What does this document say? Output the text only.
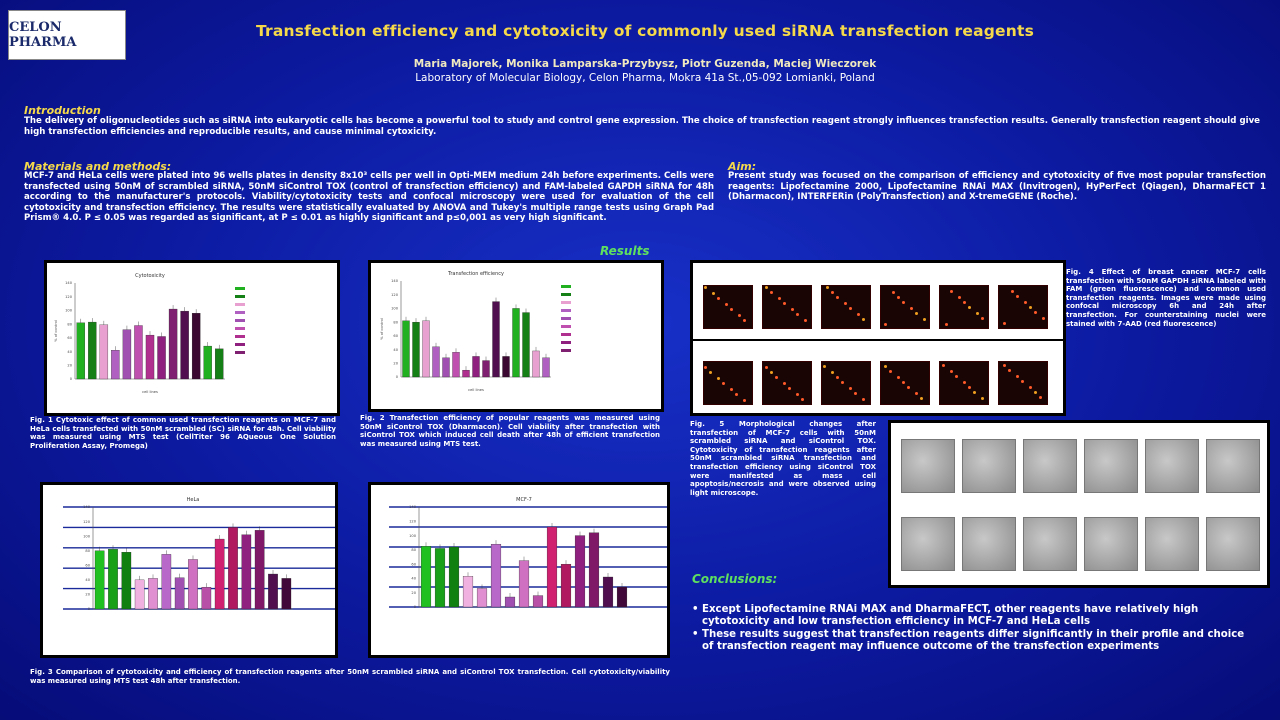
CELON PHARMA
Transfection efficiency and cytotoxicity of commonly used siRNA transfection reagents
Maria Majorek, Monika Lamparska-Przybysz, Piotr Guzenda, Maciej Wieczorek
Laboratory of Molecular Biology, Celon Pharma, Mokra 41a St.,05-092 Lomianki, Poland
Introduction
The delivery of oligonucleotides such as siRNA into eukaryotic cells has become a powerful tool to study and control gene expression. The choice of transfection reagent strongly influences transfection results. Generally transfection reagent should give high transfection efficiencies and reproducible results, and cause minimal cytoxicity.
Materials and methods:
MCF-7 and HeLa cells were plated into 96 wells plates in density 8x10³ cells per well in Opti-MEM medium 24h before experiments. Cells were transfected using 50nM of scrambled siRNA, 50nM siControl TOX (control of transfection efficiency) and FAM-labeled GAPDH siRNA for 48h according to the manufacturer's protocols. Viability/cytotoxicity tests and confocal microscopy were used for evaluation of the cell cytotoxicity and transfection efficiency. The results were statistically evaluated by ANOVA and Tukey's multiple range tests using Graph Pad Prism® 4.0. P ≤ 0.05 was regarded as significant, at P ≤ 0.01 as highly significant and p≤0,001 as very high significant.
Aim:
Present study was focused on the comparison of efficiency and cytotoxicity of five most popular transfection reagents: Lipofectamine 2000, Lipofectamine RNAi MAX (Invitrogen), HyPerFect (Qiagen), DharmaFECT 1 (Dharmacon), INTERFERin (PolyTransfection) and X-tremeGENE (Roche).
Results
Cytotoxicity
0
20
40
60
80
100
120
140
% of control
cell lines
Fig. 1 Cytotoxic effect of common used transfection reagents on MCF-7 and HeLa cells transfected with 50nM scrambled (SC) siRNA for 48h. Cell viability was measured using MTS test (CellTiter 96 AQueous One Solution Proliferation Assay, Promega)
Transfection efficiency
0
20
40
60
80
100
120
140
% of control
cell lines
Fig. 2 Transfection efficiency of popular reagents was measured using 50nM siControl TOX (Dharmacon). Cell viability after transfection with siControl TOX which induced cell death after 48h of efficient transfection was measured using MTS test.
HeLa
0
20
40
60
80
100
120
140
MCF-7
0
20
40
60
80
100
120
140
Fig. 3 Comparison of cytotoxicity and efficiency of transfection reagents after 50nM scrambled siRNA and siControl TOX transfection. Cell cytotoxicity/viability was measured using MTS test 48h after transfection.
Fig. 4 Effect of breast cancer MCF-7 cells transfection with 50nM GAPDH siRNA labeled with FAM (green fluorescence) and common used transfection reagents. Images were made using confocal microscopy 6h and 24h after transfection. For counterstaining nuclei were stained with 7-AAD (red fluorescence)
Fig. 5 Morphological changes after transfection of MCF-7 cells with 50nM scrambled siRNA and siControl TOX. Cytotoxicity of transfection reagents after 50nM scrambled siRNA transfection and transfection efficiency using siControl TOX were manifested as mass cell apoptosis/necrosis and were observed using light microscope.
Conclusions:
• Except Lipofectamine RNAi MAX and DharmaFECT, other reagents have relatively high cytotoxicity and low transfection efficiency in MCF-7 and HeLa cells
• These results suggest that transfection reagents differ significantly in their profile and choice of transfection reagent may influence outcome of the transfection experiments
